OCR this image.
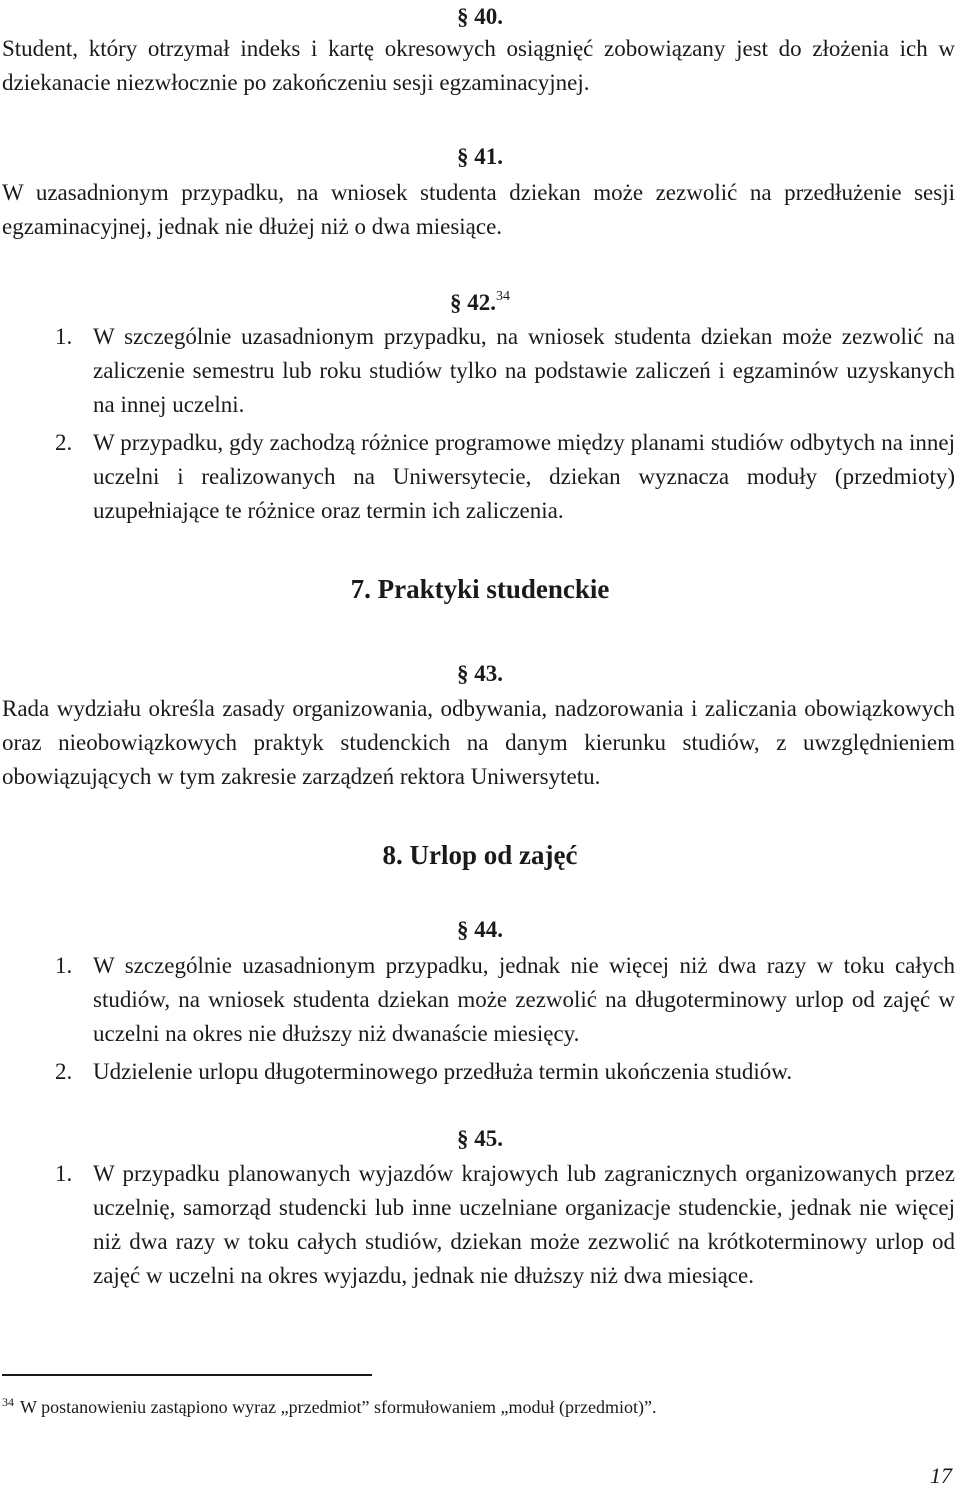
§ 40.
Student, który otrzymał indeks i kartę okresowych osiągnięć zobowiązany jest do złożenia ich w dziekanacie niezwłocznie po zakończeniu sesji egzaminacyjnej.
§ 41.
W uzasadnionym przypadku, na wniosek studenta dziekan może zezwolić na przedłużenie sesji egzaminacyjnej, jednak nie dłużej niż o dwa miesiące.
§ 42.34
1. W szczególnie uzasadnionym przypadku, na wniosek studenta dziekan może zezwolić na zaliczenie semestru lub roku studiów tylko na podstawie zaliczeń i egzaminów uzyskanych na innej uczelni.
2. W przypadku, gdy zachodzą różnice programowe między planami studiów odbytych na innej uczelni i realizowanych na Uniwersytecie, dziekan wyznacza moduły (przedmioty) uzupełniające te różnice oraz termin ich zaliczenia.
7. Praktyki studenckie
§ 43.
Rada wydziału określa zasady organizowania, odbywania, nadzorowania i zaliczania obowiązkowych oraz nieobowiązkowych praktyk studenckich na danym kierunku studiów, z uwzględnieniem obowiązujących w tym zakresie zarządzeń rektora Uniwersytetu.
8. Urlop od zajęć
§ 44.
1. W szczególnie uzasadnionym przypadku, jednak nie więcej niż dwa razy w toku całych studiów, na wniosek studenta dziekan może zezwolić na długoterminowy urlop od zajęć w uczelni na okres nie dłuższy niż dwanaście miesięcy.
2. Udzielenie urlopu długoterminowego przedłuża termin ukończenia studiów.
§ 45.
1. W przypadku planowanych wyjazdów krajowych lub zagranicznych organizowanych przez uczelnię, samorząd studencki lub inne uczelniane organizacje studenckie, jednak nie więcej niż dwa razy w toku całych studiów, dziekan może zezwolić na krótkoterminowy urlop od zajęć w uczelni na okres wyjazdu, jednak nie dłuższy niż dwa miesiące.
$^{34}$ W postanowieniu zastąpiono wyraz „przedmiot” sformułowaniem „moduł (przedmiot)”.
17
